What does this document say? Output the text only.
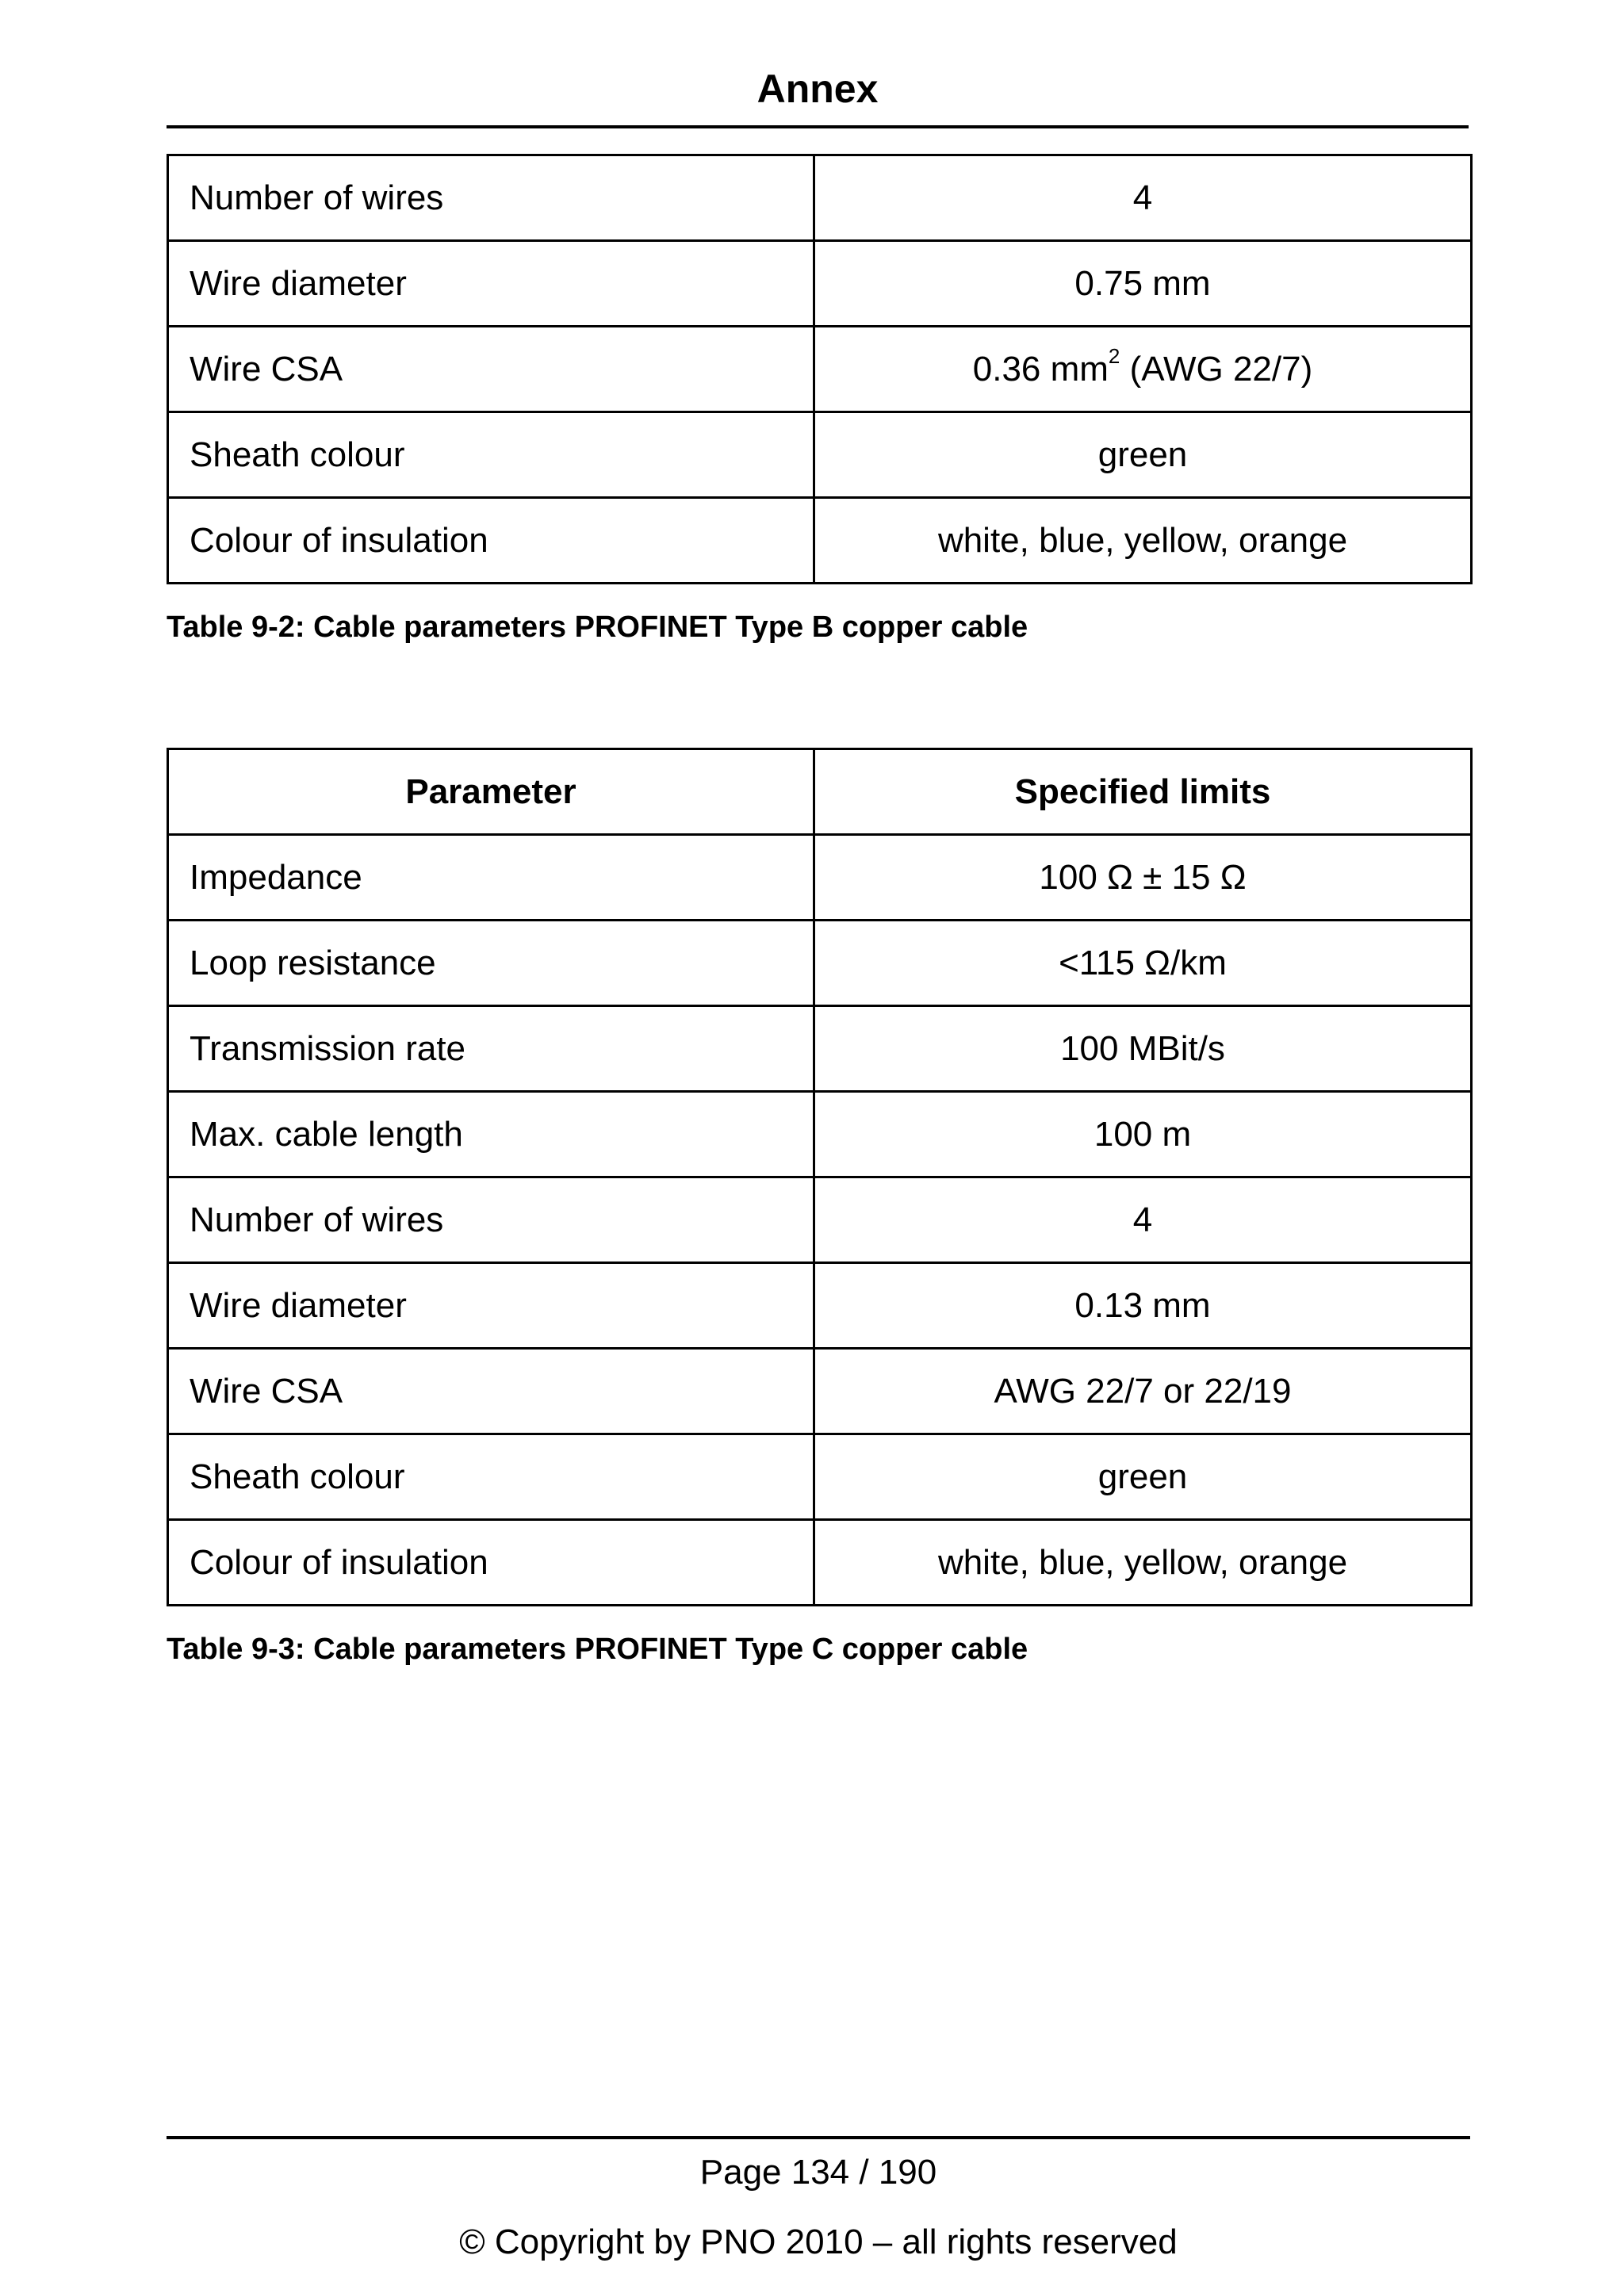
Annex
Number of wires	4
Wire diameter	0.75 mm
Wire CSA	0.36 $mm^2$ (AWG 22/7)
Sheath colour	green
Colour of insulation	white, blue, yellow, orange
Table 9-2: Cable parameters PROFINET Type B copper cable
Parameter	Specified limits
Impedance	100 Ω ± 15 Ω
Loop resistance	<115 Ω/km
Transmission rate	100 MBit/s
Max. cable length	100 m
Number of wires	4
Wire diameter	0.13 mm
Wire CSA	AWG 22/7 or 22/19
Sheath colour	green
Colour of insulation	white, blue, yellow, orange
Table 9-3: Cable parameters PROFINET Type C copper cable
Page 134 / 190
© Copyright by PNO 2010 – all rights reserved
